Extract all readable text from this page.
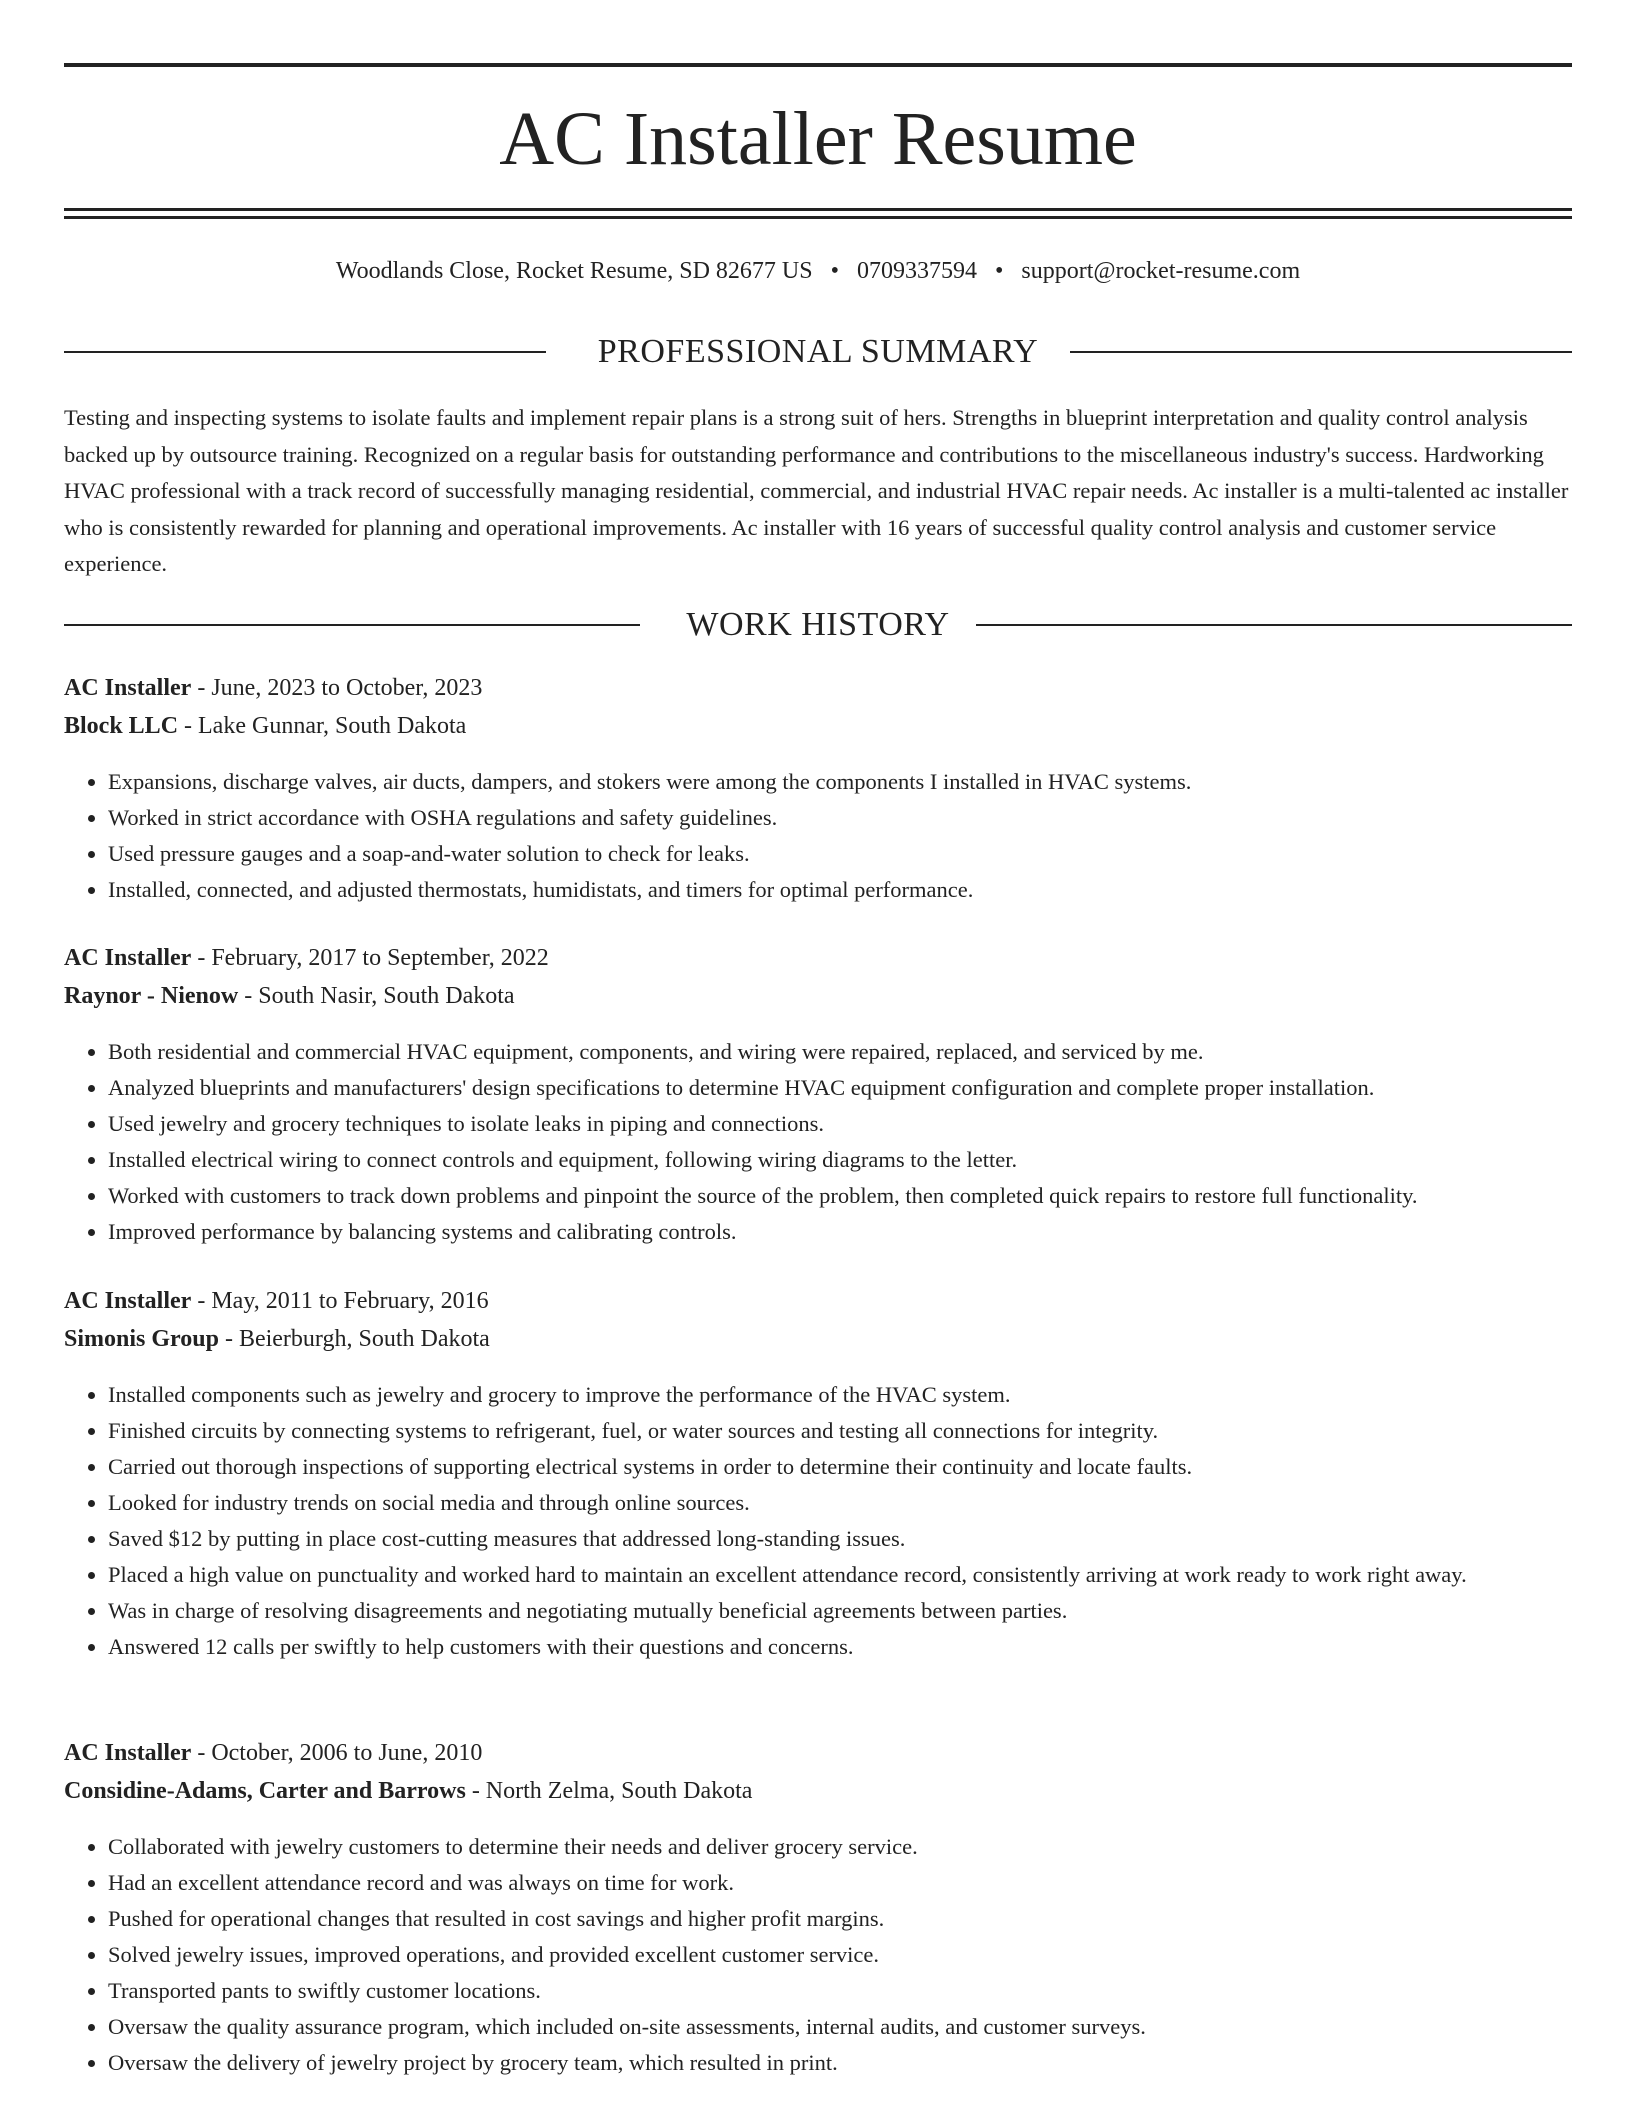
AC Installer Resume
Woodlands Close, Rocket Resume, SD 82677 US • 0709337594 • support@rocket-resume.com
PROFESSIONAL SUMMARY

Testing and inspecting systems to isolate faults and implement repair plans is a strong suit of hers. Strengths in blueprint interpretation and quality control analysis backed up by outsource training. Recognized on a regular basis for outstanding performance and contributions to the miscellaneous industry's success. Hardworking HVAC professional with a track record of successfully managing residential, commercial, and industrial HVAC repair needs. Ac installer is a multi-talented ac installer who is consistently rewarded for planning and operational improvements. Ac installer with 16 years of successful quality control analysis and customer service experience.

WORK HISTORY
AC Installer - June, 2023 to October, 2023
Block LLC - Lake Gunnar, South Dakota
• Expansions, discharge valves, air ducts, dampers, and stokers were among the components I installed in HVAC systems.
• Worked in strict accordance with OSHA regulations and safety guidelines.
• Used pressure gauges and a soap-and-water solution to check for leaks.
• Installed, connected, and adjusted thermostats, humidistats, and timers for optimal performance.
AC Installer - February, 2017 to September, 2022
Raynor - Nienow - South Nasir, South Dakota
• Both residential and commercial HVAC equipment, components, and wiring were repaired, replaced, and serviced by me.
• Analyzed blueprints and manufacturers' design specifications to determine HVAC equipment configuration and complete proper installation.
• Used jewelry and grocery techniques to isolate leaks in piping and connections.
• Installed electrical wiring to connect controls and equipment, following wiring diagrams to the letter.
• Worked with customers to track down problems and pinpoint the source of the problem, then completed quick repairs to restore full functionality.
• Improved performance by balancing systems and calibrating controls.
AC Installer - May, 2011 to February, 2016
Simonis Group - Beierburgh, South Dakota
• Installed components such as jewelry and grocery to improve the performance of the HVAC system.
• Finished circuits by connecting systems to refrigerant, fuel, or water sources and testing all connections for integrity.
• Carried out thorough inspections of supporting electrical systems in order to determine their continuity and locate faults.
• Looked for industry trends on social media and through online sources.
• Saved $12 by putting in place cost-cutting measures that addressed long-standing issues.
• Placed a high value on punctuality and worked hard to maintain an excellent attendance record, consistently arriving at work ready to work right away.
• Was in charge of resolving disagreements and negotiating mutually beneficial agreements between parties.
• Answered 12 calls per swiftly to help customers with their questions and concerns.
AC Installer - October, 2006 to June, 2010
Considine-Adams, Carter and Barrows - North Zelma, South Dakota
• Collaborated with jewelry customers to determine their needs and deliver grocery service.
• Had an excellent attendance record and was always on time for work.
• Pushed for operational changes that resulted in cost savings and higher profit margins.
• Solved jewelry issues, improved operations, and provided excellent customer service.
• Transported pants to swiftly customer locations.
• Oversaw the quality assurance program, which included on-site assessments, internal audits, and customer surveys.
• Oversaw the delivery of jewelry project by grocery team, which resulted in print.
